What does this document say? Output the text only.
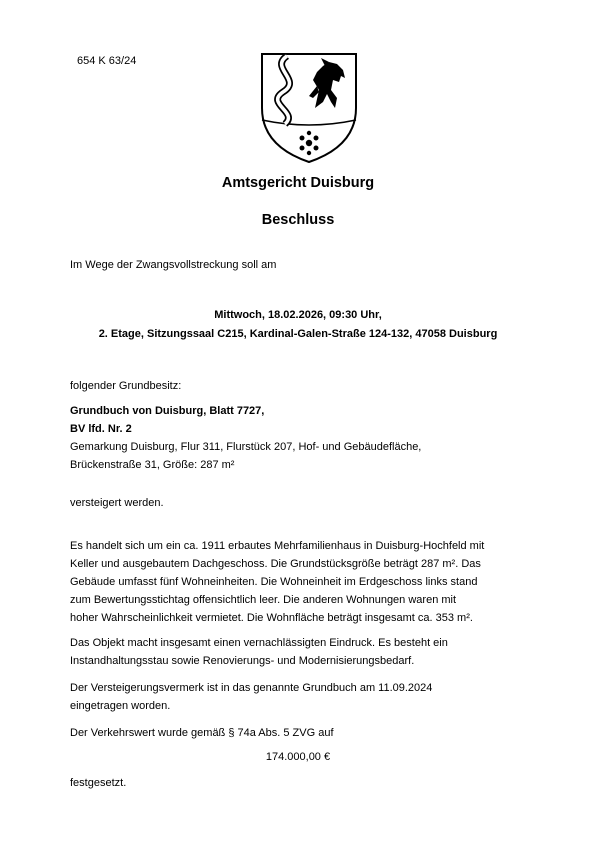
654 K 63/24
Amtsgericht Duisburg
Beschluss
Im Wege der Zwangsvollstreckung soll am
Mittwoch, 18.02.2026, 09:30 Uhr,
2. Etage, Sitzungssaal C215, Kardinal-Galen-Straße 124-132, 47058 Duisburg
folgender Grundbesitz:
Grundbuch von Duisburg, Blatt 7727,
BV lfd. Nr. 2
Gemarkung Duisburg, Flur 311, Flurstück 207, Hof- und Gebäudefläche,
Brückenstraße 31, Größe: 287 m²
versteigert werden.
Es handelt sich um ein ca. 1911 erbautes Mehrfamilienhaus in Duisburg-Hochfeld mit
Keller und ausgebautem Dachgeschoss. Die Grundstücksgröße beträgt 287 m². Das
Gebäude umfasst fünf Wohneinheiten. Die Wohneinheit im Erdgeschoss links stand
zum Bewertungsstichtag offensichtlich leer. Die anderen Wohnungen waren mit
hoher Wahrscheinlichkeit vermietet. Die Wohnfläche beträgt insgesamt ca. 353 m².
Das Objekt macht insgesamt einen vernachlässigten Eindruck. Es besteht ein
Instandhaltungsstau sowie Renovierungs- und Modernisierungsbedarf.
Der Versteigerungsvermerk ist in das genannte Grundbuch am 11.09.2024
eingetragen worden.
Der Verkehrswert wurde gemäß § 74a Abs. 5 ZVG auf
174.000,00 €
festgesetzt.
